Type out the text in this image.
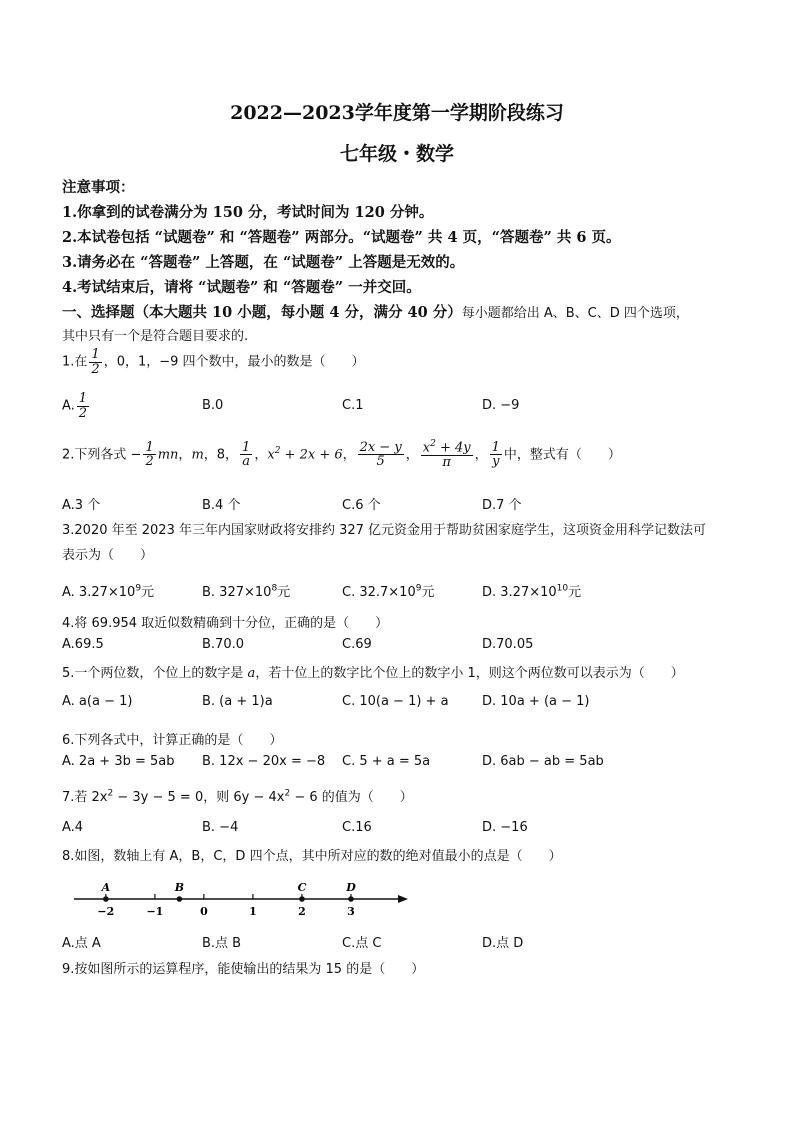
2022—2023学年度第一学期阶段练习
七年级・数学
注意事项：
1.你拿到的试卷满分为 150 分，考试时间为 120 分钟。
2.本试卷包括 “试题卷” 和 “答题卷” 两部分。“试题卷” 共 4 页，“答题卷” 共 6 页。
3.请务必在 “答题卷” 上答题，在 “试题卷” 上答题是无效的。
4.考试结束后，请将 “试题卷” 和 “答题卷” 一并交回。
一、选择题（本大题共 10 小题，每小题 4 分，满分 40 分）每小题都给出 A、B、C、D 四个选项，
其中只有一个是符合题目要求的.
1.在 $\frac{1}{2}$ ，0，1，−9 四个数中，最小的数是（　　）
A. $\frac{1}{2}$	B.0	C.1	D. −9
2.下列各式 − $\frac{1}{2}$ mn，m，8， $\frac{1}{a}$ ，$x^2 + 2x + 6$， $\frac{2x - y}{5}$ ， $\frac{x^2 + 4y}{\pi}$ ， $\frac{1}{y}$ 中，整式有（　　）
A.3 个	B.4 个	C.6 个	D.7 个
3.2020 年至 2023 年三年内国家财政将安排约 327 亿元资金用于帮助贫困家庭学生，这项资金用科学记数法可
表示为（　　）
A. $3.27\times 10^9$元	B. $327\times 10^8$元	C. $32.7\times 10^9$元	D. $3.27\times 10^{10}$元
4.将 69.954 取近似数精确到十分位，正确的是（　　）
A.69.5	B.70.0	C.69	D.70.05
5.一个两位数，个位上的数字是 a，若十位上的数字比个位上的数字小 1，则这个两位数可以表示为（　　）
A. a(a − 1)	B. (a + 1)a	C. 10(a − 1) + a	D. 10a + (a − 1)
6.下列各式中，计算正确的是（　　）
A. 2a + 3b = 5ab B. 12x − 20x = −8 C. 5 + a = 5a	D. 6ab − ab = 5ab
7.若 $2x^2 - 3y - 5 = 0$，则 $6y - 4x^2 - 6$ 的值为（　　）
A.4	B. −4	C.16	D. −16
8.如图，数轴上有 A，B，C，D 四个点，其中所对应的数的绝对值最小的点是（　　）
−2	−1	0	1	2	3
A	B	C	D
A.点 A	B.点 B	C.点 C	D.点 D
9.按如图所示的运算程序，能使输出的结果为 15 的是（　　）
